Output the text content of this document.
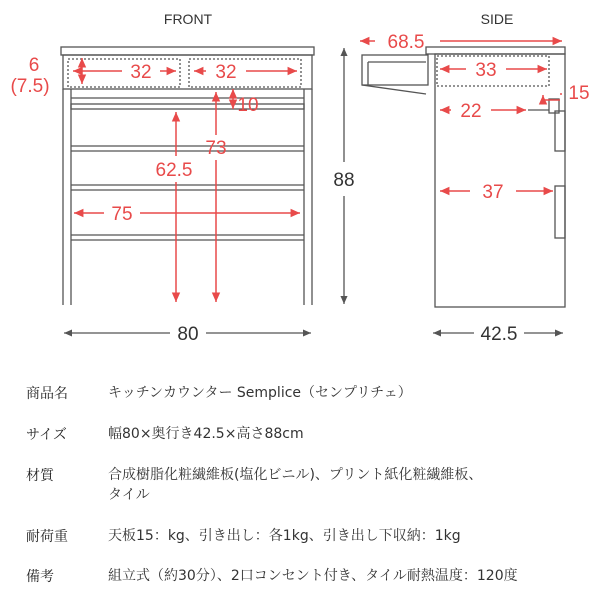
FRONT
6
(7.5)
32	32
10
62.5
73
75
80
88
SIDE
42.5
68.5
33
15
22
37
商品名	キッチンカウンター Semplice（センプリチェ）
サイズ	幅80×奥行き42.5×高さ88cm
材質	合成樹脂化粧繊維板(塩化ビニル)、プリント紙化粧繊維板、
タイル
耐荷重	天板15：kg、引き出し：各1kg、引き出し下収納：1kg
備考	組立式（約30分）、2口コンセント付き、タイル耐熱温度：120度
